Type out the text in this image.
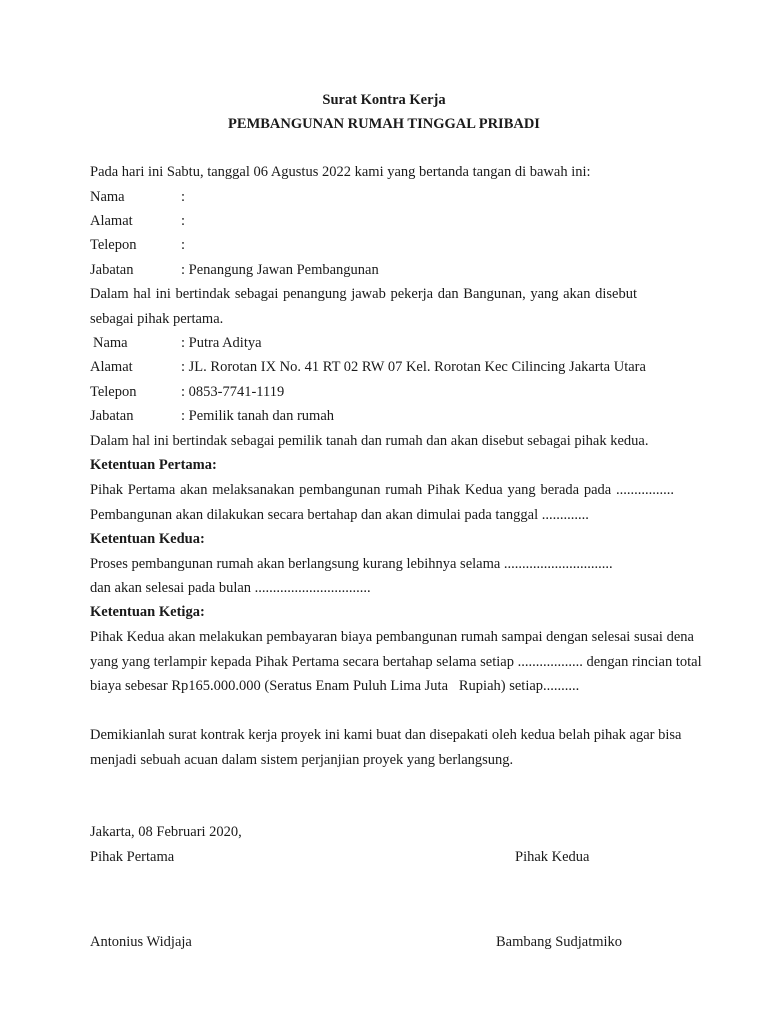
Surat Kontra Kerja
PEMBANGUNAN RUMAH TINGGAL PRIBADI
Pada hari ini Sabtu, tanggal 06 Agustus 2022 kami yang bertanda tangan di bawah ini:
Nama	:
Alamat	:
Telepon	:
Jabatan	: Penangung Jawan Pembangunan
Dalam hal ini bertindak sebagai penangung jawab pekerja dan Bangunan, yang akan disebut
sebagai pihak pertama.
Nama	: Putra Aditya
Alamat	: JL. Rorotan IX No. 41 RT 02 RW 07 Kel. Rorotan Kec Cilincing Jakarta Utara
Telepon	: 0853-7741-1119
Jabatan	: Pemilik tanah dan rumah
Dalam hal ini bertindak sebagai pemilik tanah dan rumah dan akan disebut sebagai pihak kedua.
Ketentuan Pertama:
Pihak Pertama akan melaksanakan pembangunan rumah Pihak Kedua yang berada pada ................
Pembangunan akan dilakukan secara bertahap dan akan dimulai pada tanggal .............
Ketentuan Kedua:
Proses pembangunan rumah akan berlangsung kurang lebihnya selama ..............................
dan akan selesai pada bulan ................................
Ketentuan Ketiga:
Pihak Kedua akan melakukan pembayaran biaya pembangunan rumah sampai dengan selesai susai dena
yang yang terlampir kepada Pihak Pertama secara bertahap selama setiap .................. dengan rincian total
biaya sebesar Rp165.000.000 (Seratus Enam Puluh Lima Juta   Rupiah) setiap..........
Demikianlah surat kontrak kerja proyek ini kami buat dan disepakati oleh kedua belah pihak agar bisa
menjadi sebuah acuan dalam sistem perjanjian proyek yang berlangsung.
Jakarta, 08 Februari 2020,
Pihak Pertama	Pihak Kedua
Antonius Widjaja	Bambang Sudjatmiko
